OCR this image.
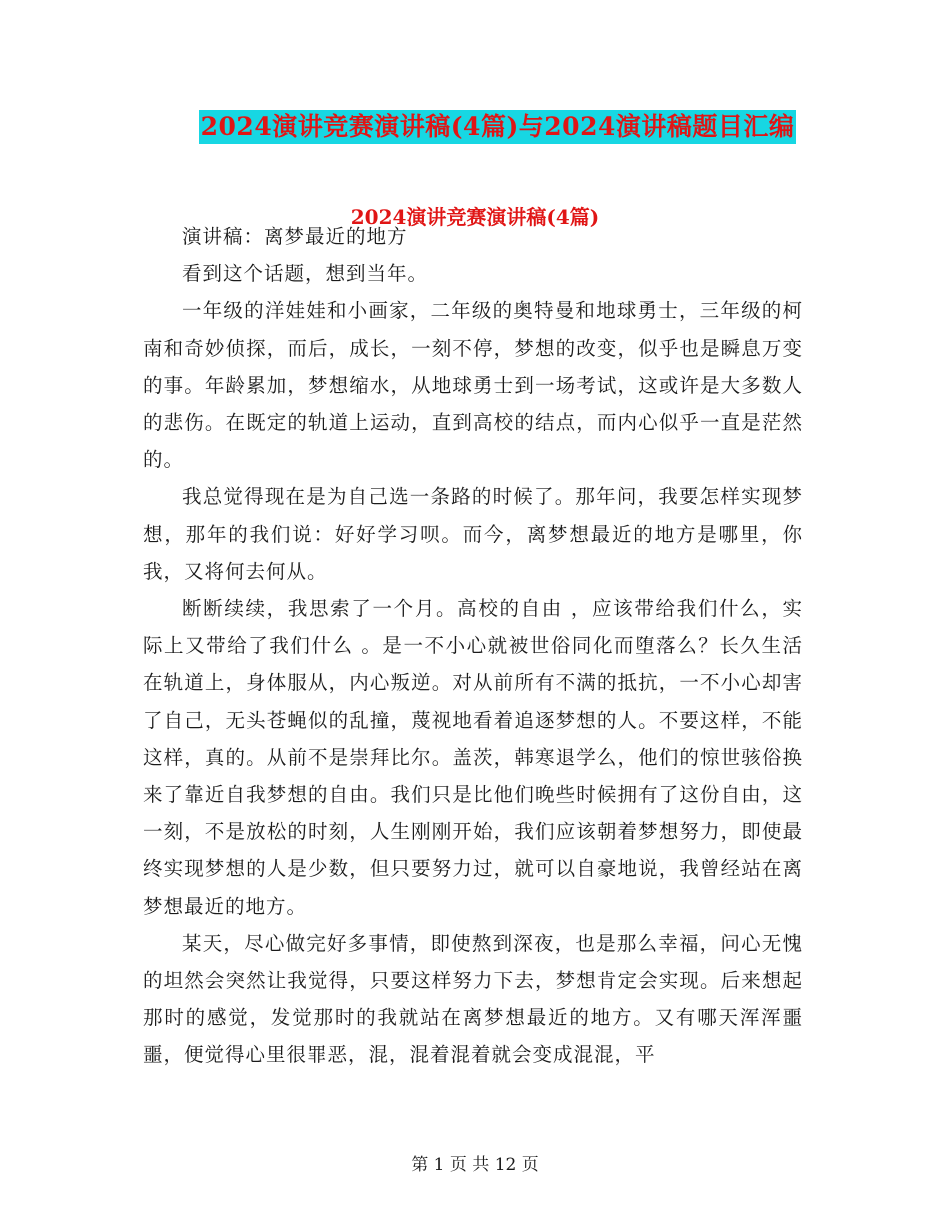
2024演讲竞赛演讲稿(4篇)与2024演讲稿题目汇编
2024演讲竞赛演讲稿(4篇)

演讲稿：离梦最近的地方

看到这个话题，想到当年。

一年级的洋娃娃和小画家，二年级的奥特曼和地球勇士，三年级的柯南和奇妙侦探，而后，成长，一刻不停，梦想的改变，似乎也是瞬息万变的事。年龄累加，梦想缩水，从地球勇士到一场考试，这或许是大多数人的悲伤。在既定的轨道上运动，直到高校的结点，而内心似乎一直是茫然的。

我总觉得现在是为自己选一条路的时候了。那年问，我要怎样实现梦想，那年的我们说：好好学习呗。而今，离梦想最近的地方是哪里，你我，又将何去何从。

断断续续，我思索了一个月。高校的自由 ，应该带给我们什么，实际上又带给了我们什么 。是一不小心就被世俗同化而堕落么？长久生活在轨道上，身体服从，内心叛逆。对从前所有不满的抵抗，一不小心却害了自己，无头苍蝇似的乱撞，蔑视地看着追逐梦想的人。不要这样，不能这样，真的。从前不是崇拜比尔。盖茨，韩寒退学么，他们的惊世骇俗换来了靠近自我梦想的自由。我们只是比他们晚些时候拥有了这份自由，这一刻，不是放松的时刻，人生刚刚开始，我们应该朝着梦想努力，即使最终实现梦想的人是少数，但只要努力过，就可以自豪地说，我曾经站在离梦想最近的地方。

某天，尽心做完好多事情，即使熬到深夜，也是那么幸福，问心无愧的坦然会突然让我觉得，只要这样努力下去，梦想肯定会实现。后来想起那时的感觉，发觉那时的我就站在离梦想最近的地方。又有哪天浑浑噩噩，便觉得心里很罪恶，混，混着混着就会变成混混，平

第 1 页 共 12 页
